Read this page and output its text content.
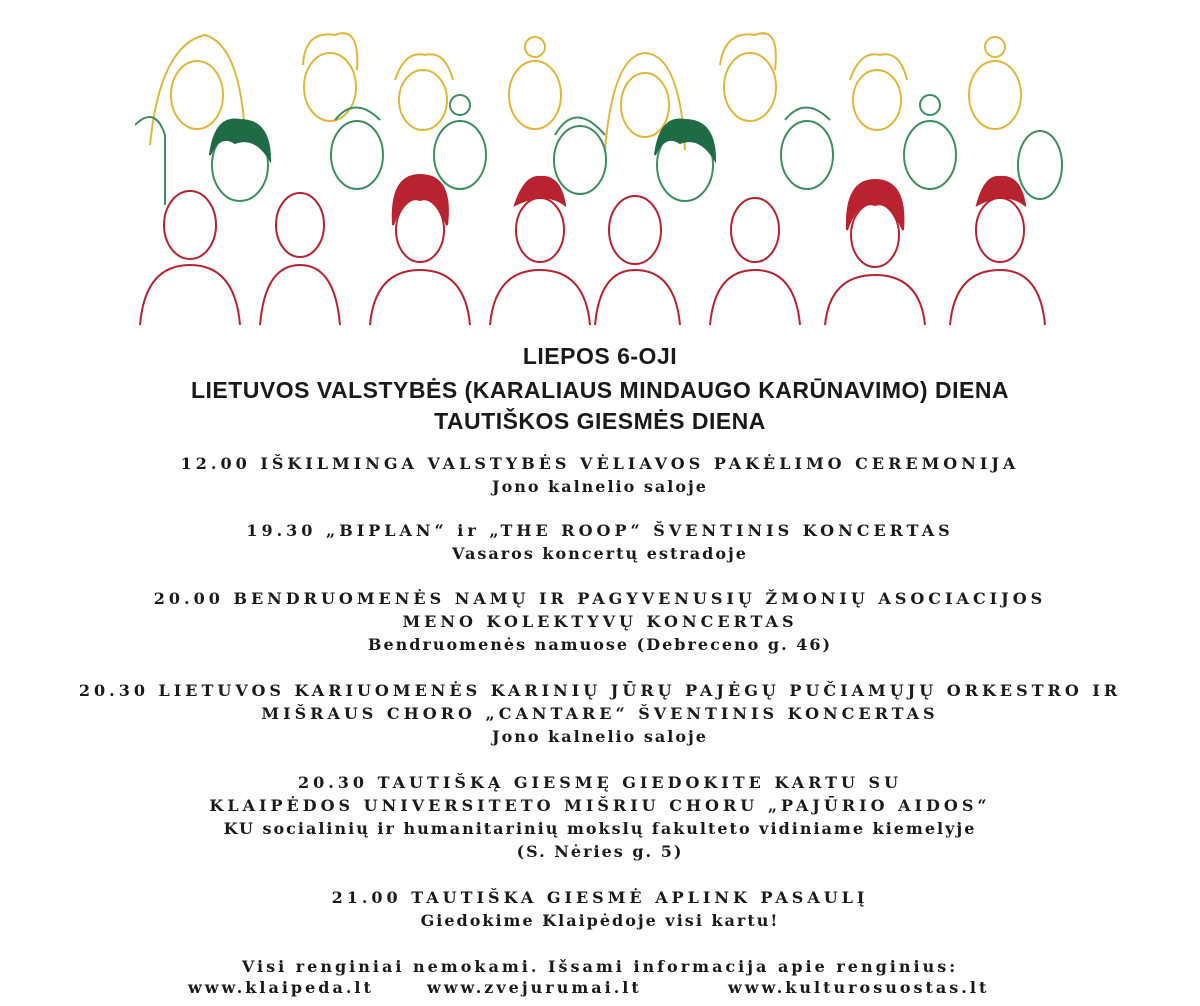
LIEPOS 6-OJI
LIETUVOS VALSTYBĖS (KARALIAUS MINDAUGO KARŪNAVIMO) DIENA
TAUTIŠKOS GIESMĖS DIENA
12.00 IŠKILMINGA VALSTYBĖS VĖLIAVOS PAKĖLIMO CEREMONIJA
Jono kalnelio saloje
19.30 „BIPLAN“ ir „THE ROOP“ ŠVENTINIS KONCERTAS
Vasaros koncertų estradoje
20.00 BENDRUOMENĖS NAMŲ IR PAGYVENUSIŲ ŽMONIŲ ASOCIACIJOS
MENO KOLEKTYVŲ KONCERTAS
Bendruomenės namuose (Debreceno g. 46)
20.30 LIETUVOS KARIUOMENĖS KARINIŲ JŪRŲ PAJĖGŲ PUČIAMŲJŲ ORKESTRO IR
MIŠRAUS CHORO „CANTARE“ ŠVENTINIS KONCERTAS
Jono kalnelio saloje
20.30 TAUTIŠKĄ GIESMĘ GIEDOKITE KARTU SU
KLAIPĖDOS UNIVERSITETO MIŠRIU CHORU „PAJŪRIO AIDOS“
KU socialinių ir humanitarinių mokslų fakulteto vidiniame kiemelyje
(S. Nėries g. 5)
21.00 TAUTIŠKA GIESMĖ APLINK PASAULĮ
Giedokime Klaipėdoje visi kartu!
Visi renginiai nemokami. Išsami informacija apie renginius:
www.klaipeda.lt	www.zvejurumai.lt	www.kulturosuostas.lt
